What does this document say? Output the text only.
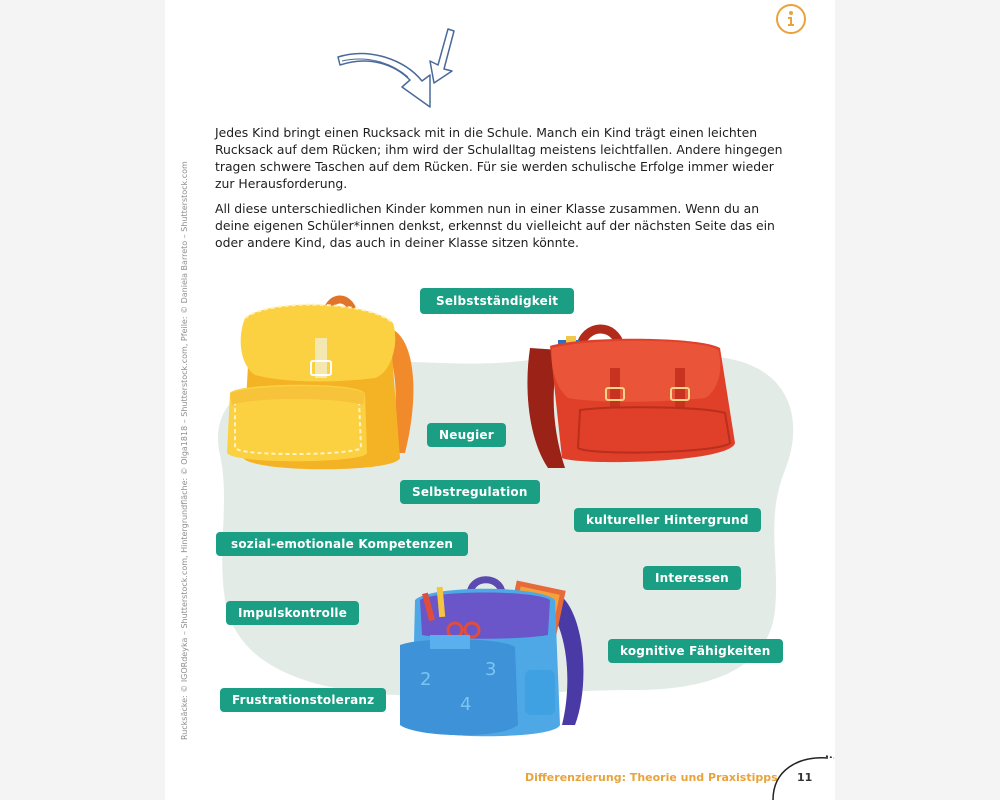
Jedes Kind bringt einen Rucksack mit in die Schule. Manch ein Kind trägt einen leichten Rucksack auf dem Rücken; ihm wird der Schulalltag meistens leichtfallen. Andere hingegen tragen schwere Taschen auf dem Rücken. Für sie werden schulische Erfolge immer wieder zur Herausforderung.

All diese unterschiedlichen Kinder kommen nun in einer Klasse zusammen. Wenn du an deine eigenen Schüler*innen denkst, erkennst du vielleicht auf der nächsten Seite das ein oder andere Kind, das auch in deiner Klasse sitzen könnte.

2
4
3
Selbstständigkeit
Neugier
Selbstregulation
kultureller Hintergrund
sozial-emotionale Kompetenzen
Interessen
Impulskontrolle
kognitive Fähigkeiten
Frustrationstoleranz
Rucksäcke: © IGORdeyka – Shutterstock.com, Hintergrundfläche: © Olga1818 – Shutterstock.com, Pfeile: © Daniela Barreto – Shutterstock.com
Differenzierung: Theorie und Praxistipps 11
